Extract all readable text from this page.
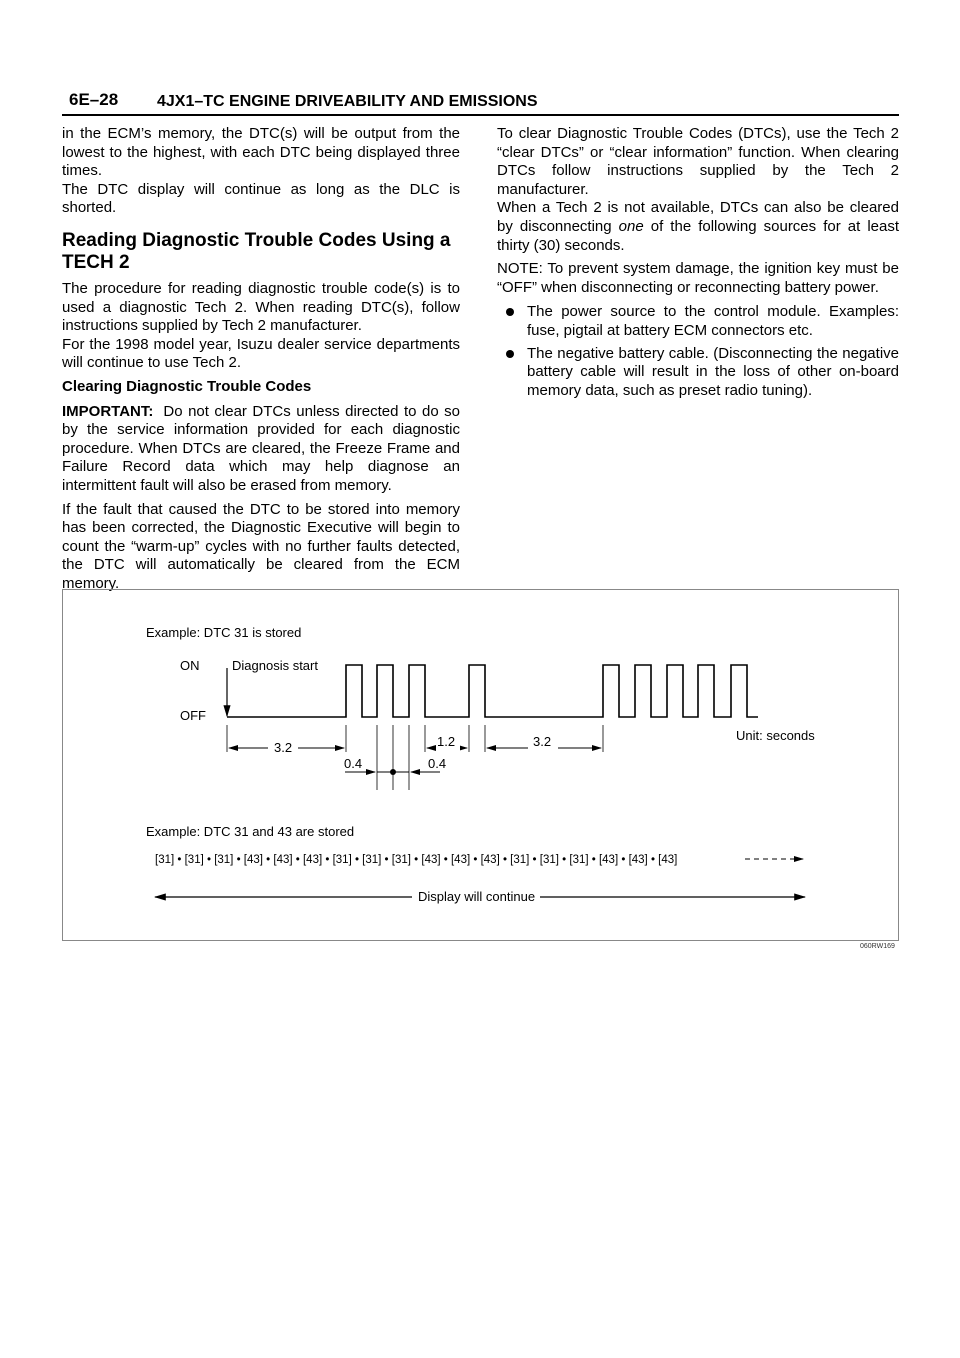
6E–28 4JX1–TC ENGINE DRIVEABILITY AND EMISSIONS

in the ECM’s memory, the DTC(s) will be output from the lowest to the highest, with each DTC being displayed three times.

The DTC display will continue as long as the DLC is shorted.

Reading Diagnostic Trouble Codes Using a TECH 2

The procedure for reading diagnostic trouble code(s) is to used a diagnostic Tech 2. When reading DTC(s), follow instructions supplied by Tech 2 manufacturer.

For the 1998 model year, Isuzu dealer service departments will continue to use Tech 2.

Clearing Diagnostic Trouble Codes

IMPORTANT: Do not clear DTCs unless directed to do so by the service information provided for each diagnostic procedure. When DTCs are cleared, the Freeze Frame and Failure Record data which may help diagnose an intermittent fault will also be erased from memory.

If the fault that caused the DTC to be stored into memory has been corrected, the Diagnostic Executive will begin to count the “warm-up” cycles with no further faults detected, the DTC will automatically be cleared from the ECM memory.

To clear Diagnostic Trouble Codes (DTCs), use the Tech 2 “clear DTCs” or “clear information” function. When clearing DTCs follow instructions supplied by the Tech 2 manufacturer.

When a Tech 2 is not available, DTCs can also be cleared by disconnecting one of the following sources for at least thirty (30) seconds.

NOTE: To prevent system damage, the ignition key must be “OFF” when disconnecting or reconnecting battery power.

The power source to the control module. Examples: fuse, pigtail at battery ECM connectors etc.
The negative battery cable. (Disconnecting the negative battery cable will result in the loss of other on-board memory data, such as preset radio tuning).
Example: DTC 31 is stored
ON
OFF
Diagnosis start
3.2	1.2	3.2
0.4	0.4
Unit: seconds
Example: DTC 31 and 43 are stored
[31] • [31] • [31] • [43] • [43] • [43] • [31] • [31] • [31] • [43] • [43] • [43] • [31] • [31] • [31] • [43] • [43] • [43]
Display will continue
060RW169
